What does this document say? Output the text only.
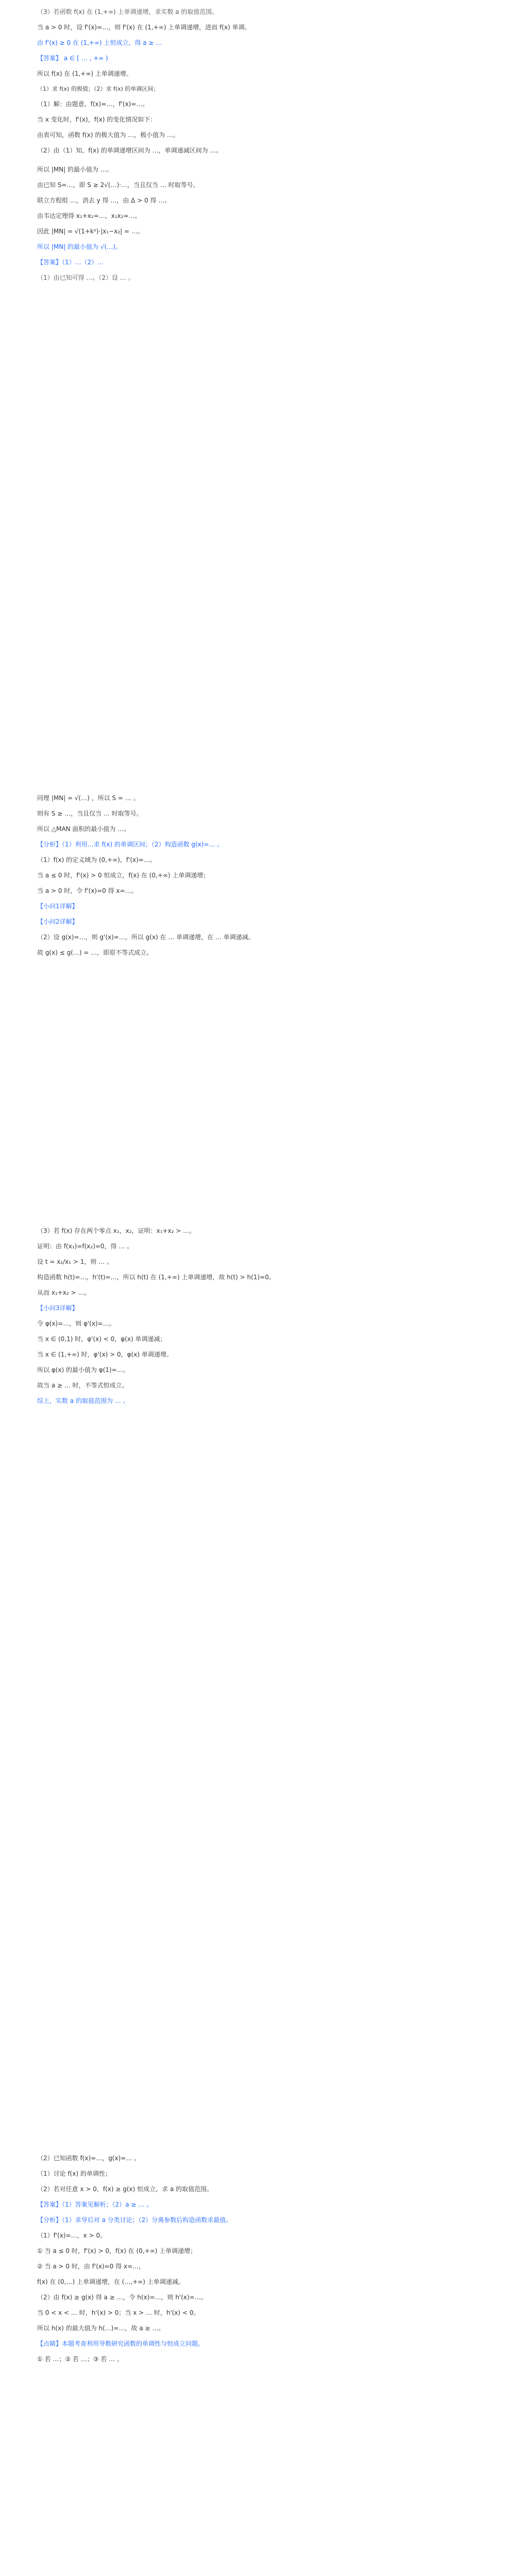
（3）若函数 f(x) 在 (1,+∞) 上单调递增，求实数 a 的取值范围。
当 a > 0 时，设 f'(x)=…，则 f'(x) 在 (1,+∞) 上单调递增，进而 f(x) 单调。
由 f'(x) ≥ 0 在 (1,+∞) 上恒成立，得 a ≥ …
【答案】 a ∈ [ … , +∞ )
所以 f(x) 在 (1,+∞) 上单调递增。
（1）求 f(x) 的极值；（2）求 f(x) 的单调区间；
（1）解：由题意，f(x)=…，f'(x)=…。
当 x 变化时，f'(x)，f(x) 的变化情况如下：
由表可知，函数 f(x) 的极大值为 …，极小值为 …。
（2）由（1）知，f(x) 的单调递增区间为 …，单调递减区间为 …。
所以 |MN| 的最小值为 …。
由已知 S=…，即 S ≥ 2√(…)·…，当且仅当 … 时取等号。
联立方程组 …，消去 y 得 …，由 Δ > 0 得 …。
由韦达定理得 x₁+x₂=…，x₁x₂=…。
因此 |MN| = √(1+k²)·|x₁−x₂| = …。
所以 |MN| 的最小值为 √(…)。
【答案】（1）…（2）…
（1）由已知可得 …。（2）设 … 。
同理 |MN| = √(…) ，所以 S = … 。
则有 S ≥ …，当且仅当 … 时取等号。
所以 △MAN 面积的最小值为 …。
【分析】（1）利用…求 f(x) 的单调区间；（2）构造函数 g(x)=… 。
（1）f(x) 的定义域为 (0,+∞)，f'(x)=…。
当 a ≤ 0 时，f'(x) > 0 恒成立，f(x) 在 (0,+∞) 上单调递增；
当 a > 0 时，令 f'(x)=0 得 x=…。
【小问1详解】
【小问2详解】
（2）设 g(x)=…，则 g'(x)=…，所以 g(x) 在 … 单调递增，在 … 单调递减。
故 g(x) ≤ g(…) = …，即原不等式成立。
（3）若 f(x) 存在两个零点 x₁，x₂，证明：x₁+x₂ > …。
证明：由 f(x₁)=f(x₂)=0，得 … 。
设 t = x₂/x₁ > 1，则 … 。
构造函数 h(t)=…，h'(t)=…，所以 h(t) 在 (1,+∞) 上单调递增，故 h(t) > h(1)=0。
从而 x₁+x₂ > …。
【小问3详解】
令 φ(x)=…，则 φ'(x)=…。
当 x ∈ (0,1) 时，φ'(x) < 0，φ(x) 单调递减；
当 x ∈ (1,+∞) 时，φ'(x) > 0，φ(x) 单调递增。
所以 φ(x) 的最小值为 φ(1)=…。
故当 a ≥ … 时，不等式恒成立。
综上，实数 a 的取值范围为 … 。
（2）已知函数 f(x)=…，g(x)=… 。
（1）讨论 f(x) 的单调性；
（2）若对任意 x > 0，f(x) ≥ g(x) 恒成立，求 a 的取值范围。
【答案】（1）答案见解析；（2）a ≥ … 。
【分析】（1）求导后对 a 分类讨论；（2）分离参数后构造函数求最值。
（1）f'(x)=…，x > 0。
① 当 a ≤ 0 时，f'(x) > 0，f(x) 在 (0,+∞) 上单调递增；
② 当 a > 0 时，由 f'(x)=0 得 x=…，
f(x) 在 (0,…) 上单调递增，在 (…,+∞) 上单调递减。
（2）由 f(x) ≥ g(x) 得 a ≥ …，令 h(x)=…，则 h'(x)=…。
当 0 < x < … 时，h'(x) > 0；当 x > … 时，h'(x) < 0。
所以 h(x) 的最大值为 h(…)=…，故 a ≥ …。
【点睛】本题考查利用导数研究函数的单调性与恒成立问题。
① 若 …；② 若 …；③ 若 … 。
